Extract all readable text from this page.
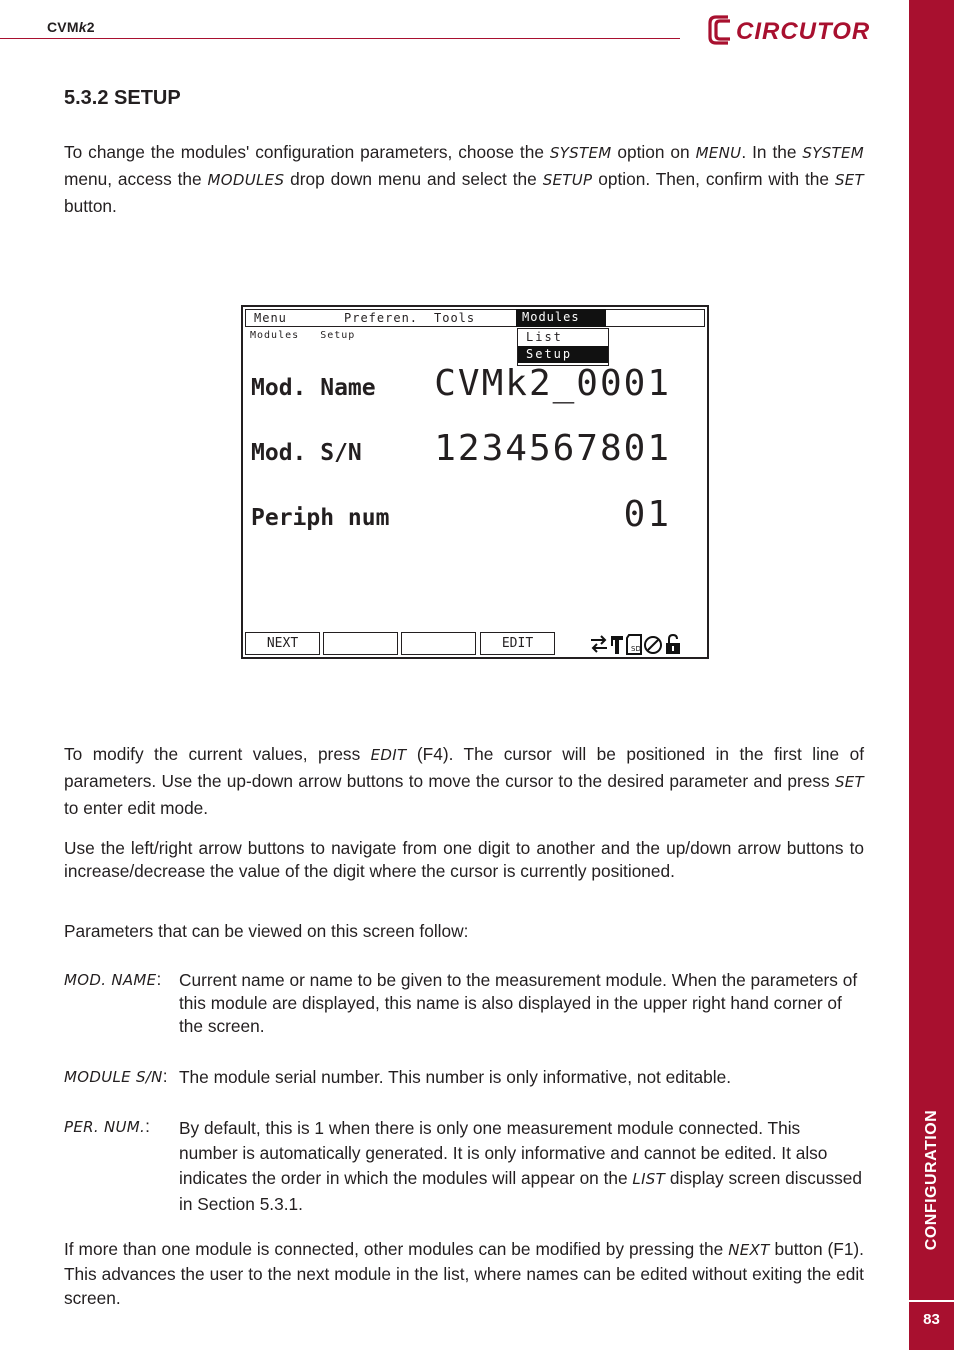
CVMk2	CIRCUTOR
CONFIGURATION
83
5.3.2 SETUP
To change the modules' configuration parameters, choose the SYSTEM option on MENU. In the SYSTEM menu, access the MODULES drop down menu and select the SETUP option. Then, confirm with the SET button.
Menu	Preferen. Tools	Modules
Modules Setup	List
Setup
Mod. Name CVMk2_0001
Mod. S/N 1234567801
Periph num	01
NEXT	EDIT	SD
To modify the current values, press EDIT (F4). The cursor will be positioned in the first line of parameters. Use the up-down arrow buttons to move the cursor to the desired parameter and press SET to enter edit mode.
Use the left/right arrow buttons to navigate from one digit to another and the up/down arrow buttons to increase/decrease the value of the digit where the cursor is currently positioned.
Parameters that can be viewed on this screen follow:
MOD. NAME: Current name or name to be given to the measurement module. When the parameters of this module are displayed, this name is also displayed in the upper right hand corner of the screen.
MODULE S/N: The module serial number. This number is only informative, not editable.
PER. NUM.: By default, this is 1 when there is only one measurement module connected. This number is automatically generated. It is only informative and cannot be edited. It also indicates the order in which the modules will appear on the LIST display screen discussed in Section 5.3.1.
If more than one module is connected, other modules can be modified by pressing the NEXT button (F1). This advances the user to the next module in the list, where names can be edited without exiting the edit screen.
